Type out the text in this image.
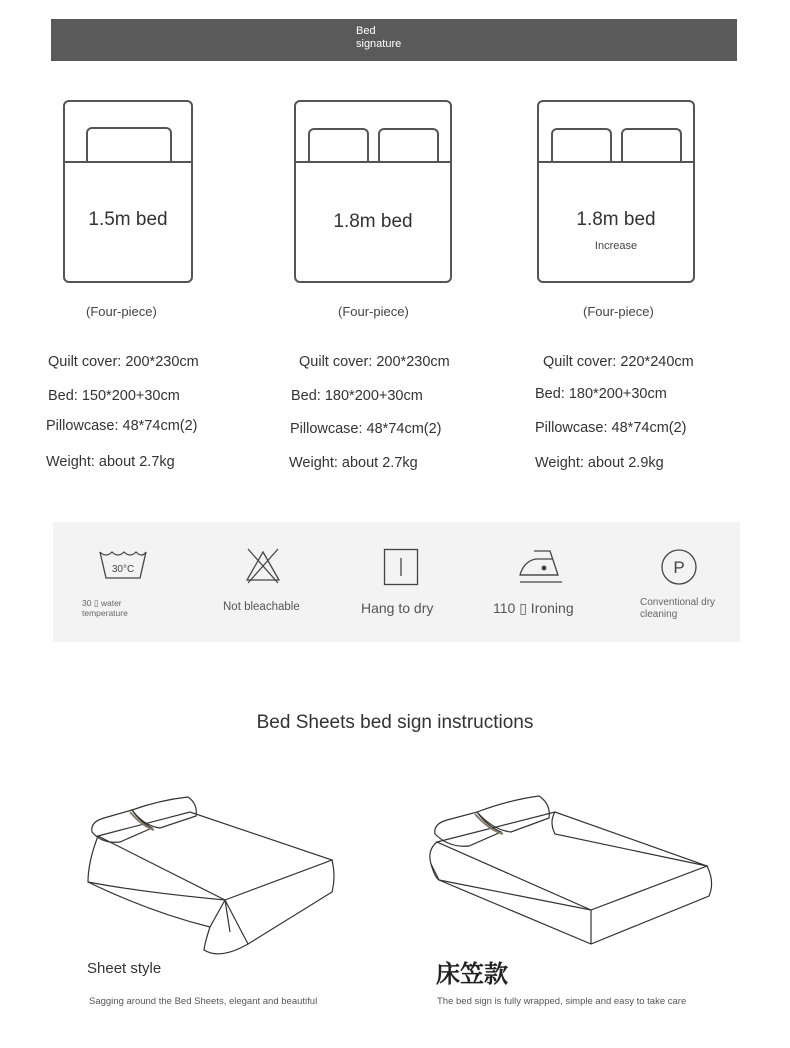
Bed
signature
1.5m bed	1.8m bed	1.8m bed
Increase
(Four-piece)	(Four-piece)	(Four-piece)
Quilt cover: 200*230cm
Bed: 150*200+30cm
Pillowcase: 48*74cm(2)
Weight: about 2.7kg
Quilt cover: 200*230cm
Bed: 180*200+30cm
Pillowcase: 48*74cm(2)
Weight: about 2.7kg
Quilt cover: 220*240cm
Bed: 180*200+30cm
Pillowcase: 48*74cm(2)
Weight: about 2.9kg
30°C
30 ▯ water
temperature	Not bleachable	Hang to dry	110 ▯ Ironing
P
Conventional dry
cleaning
Bed Sheets bed sign instructions
Sheet style
Sagging around the Bed Sheets, elegant and beautiful
床笠款
The bed sign is fully wrapped, simple and easy to take care
